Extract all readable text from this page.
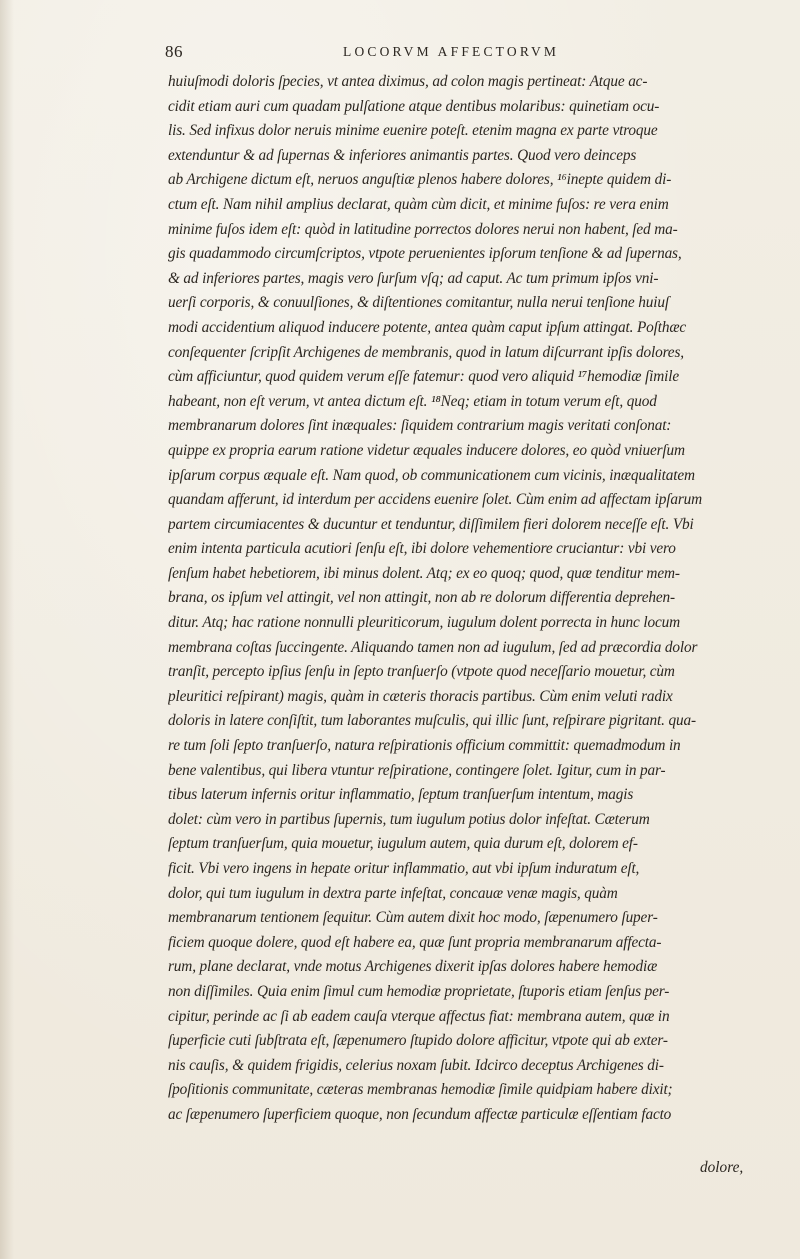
86	LOCORVM AFFECTORVM
huiuſmodi doloris ſpecies, vt antea diximus, ad colon magis pertineat: Atque ac-
cidit etiam auri cum quadam pulſatione atque dentibus molaribus: quinetiam ocu-
lis. Sed infixus dolor neruis minime euenire poteſt. etenim magna ex parte vtroque
extenduntur & ad ſupernas & inferiores animantis partes. Quod vero deinceps
ab Archigene dictum eſt, neruos anguſtiæ plenos habere dolores, ¹⁶inepte quidem di-
ctum eſt. Nam nihil amplius declarat, quàm cùm dicit, et minime fuſos: re vera enim
minime fuſos idem eſt: quòd in latitudine porrectos dolores nerui non habent, ſed ma-
gis quadammodo circumſcriptos, vtpote peruenientes ipſorum tenſione & ad ſupernas,
& ad inferiores partes, magis vero ſurſum vſq; ad caput. Ac tum primum ipſos vni-
uerſi corporis, & conuulſiones, & diſtentiones comitantur, nulla nerui tenſione huiuſ
modi accidentium aliquod inducere potente, antea quàm caput ipſum attingat. Poſthæc
conſequenter ſcripſit Archigenes de membranis, quod in latum diſcurrant ipſis dolores,
cùm afficiuntur, quod quidem verum eſſe fatemur: quod vero aliquid ¹⁷hemodiæ ſimile
habeant, non eſt verum, vt antea dictum eſt. ¹⁸Neq; etiam in totum verum eſt, quod
membranarum dolores ſint inæquales: ſiquidem contrarium magis veritati conſonat:
quippe ex propria earum ratione videtur æquales inducere dolores, eo quòd vniuerſum
ipſarum corpus æquale eſt. Nam quod, ob communicationem cum vicinis, inæqualitatem
quandam afferunt, id interdum per accidens euenire ſolet. Cùm enim ad affectam ipſarum
partem circumiacentes & ducuntur et tenduntur, diſſimilem fieri dolorem neceſſe eſt. Vbi
enim intenta particula acutiori ſenſu eſt, ibi dolore vehementiore cruciantur: vbi vero
ſenſum habet hebetiorem, ibi minus dolent. Atq; ex eo quoq; quod, quæ tenditur mem-
brana, os ipſum vel attingit, vel non attingit, non ab re dolorum differentia deprehen-
ditur. Atq; hac ratione nonnulli pleuriticorum, iugulum dolent porrecta in hunc locum
membrana coſtas ſuccingente. Aliquando tamen non ad iugulum, ſed ad præcordia dolor
tranſit, percepto ipſius ſenſu in ſepto tranſuerſo (vtpote quod neceſſario mouetur, cùm
pleuritici reſpirant) magis, quàm in cæteris thoracis partibus. Cùm enim veluti radix
doloris in latere conſiſtit, tum laborantes muſculis, qui illic ſunt, reſpirare pigritant. qua-
re tum ſoli ſepto tranſuerſo, natura reſpirationis officium committit: quemadmodum in
bene valentibus, qui libera vtuntur reſpiratione, contingere ſolet. Igitur, cum in par-
tibus laterum infernis oritur inflammatio, ſeptum tranſuerſum intentum, magis
dolet: cùm vero in partibus ſupernis, tum iugulum potius dolor infeſtat. Cæterum
ſeptum tranſuerſum, quia mouetur, iugulum autem, quia durum eſt, dolorem ef-
ficit. Vbi vero ingens in hepate oritur inflammatio, aut vbi ipſum induratum eſt,
dolor, qui tum iugulum in dextra parte infeſtat, concauæ venæ magis, quàm
membranarum tentionem ſequitur. Cùm autem dixit hoc modo, ſæpenumero ſuper-
ficiem quoque dolere, quod eſt habere ea, quæ ſunt propria membranarum affecta-
rum, plane declarat, vnde motus Archigenes dixerit ipſas dolores habere hemodiæ
non diſſimiles. Quia enim ſimul cum hemodiæ proprietate, ſtuporis etiam ſenſus per-
cipitur, perinde ac ſi ab eadem cauſa vterque affectus fiat: membrana autem, quæ in
ſuperficie cuti ſubſtrata eſt, ſæpenumero ſtupido dolore afficitur, vtpote qui ab exter-
nis cauſis, & quidem frigidis, celerius noxam ſubit. Idcirco deceptus Archigenes di-
ſpoſitionis communitate, cæteras membranas hemodiæ ſimile quidpiam habere dixit;
ac ſæpenumero ſuperficiem quoque, non ſecundum affectæ particulæ eſſentiam facto
dolore,
